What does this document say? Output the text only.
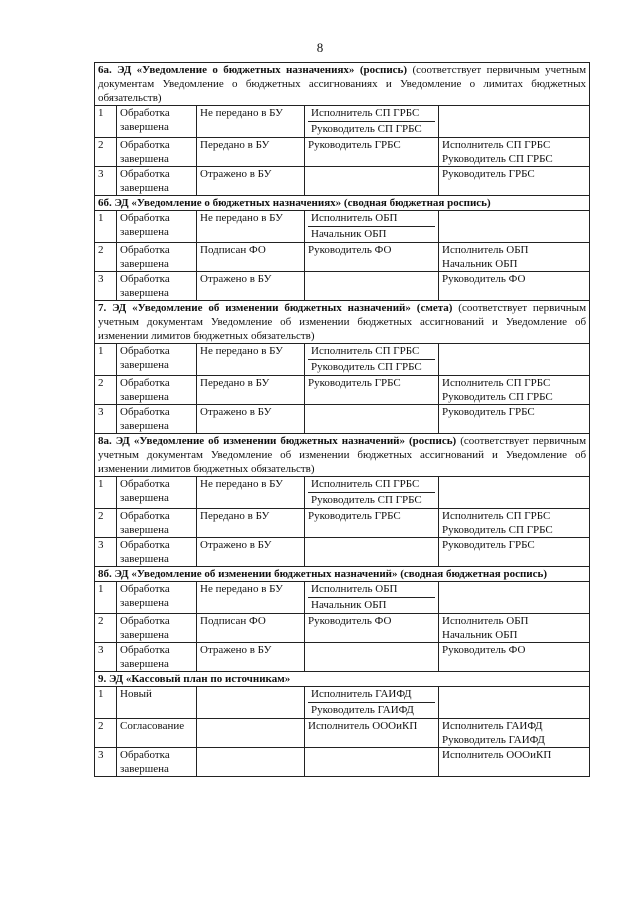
8
6а. ЭД «Уведомление о бюджетных назначениях» (роспись) (соответствует первичным учетным документам Уведомление о бюджетных ассигнованиях и Уведомление о лимитах бюджетных обязательств)				
1	Обработка завершена	Не передано в БУ	Исполнитель СП ГРБС
Руководитель СП ГРБС	

2	Обработка завершена	Передано в БУ	Руководитель ГРБС	Исполнитель СП ГРБС
Руководитель СП ГРБС

3	Обработка завершена	Отражено в БУ		Руководитель ГРБС

6б. ЭД «Уведомление о бюджетных назначениях» (сводная бюджетная роспись)				
1	Обработка завершена	Не передано в БУ	Исполнитель ОБП
Начальник ОБП	

2	Обработка завершена	Подписан ФО	Руководитель ФО	Исполнитель ОБП
Начальник ОБП

3	Обработка завершена	Отражено в БУ		Руководитель ФО

7. ЭД «Уведомление об изменении бюджетных назначений» (смета) (соответствует первичным учетным документам Уведомление об изменении бюджетных ассигнований и Уведомление об изменении лимитов бюджетных обязательств)				
1	Обработка завершена	Не передано в БУ	Исполнитель СП ГРБС
Руководитель СП ГРБС	

2	Обработка завершена	Передано в БУ	Руководитель ГРБС	Исполнитель СП ГРБС
Руководитель СП ГРБС

3	Обработка завершена	Отражено в БУ		Руководитель ГРБС

8а. ЭД «Уведомление об изменении бюджетных назначений» (роспись) (соответствует первичным учетным документам Уведомление об изменении бюджетных ассигнований и Уведомление об изменении лимитов бюджетных обязательств)				
1	Обработка завершена	Не передано в БУ	Исполнитель СП ГРБС
Руководитель СП ГРБС	

2	Обработка завершена	Передано в БУ	Руководитель ГРБС	Исполнитель СП ГРБС
Руководитель СП ГРБС

3	Обработка завершена	Отражено в БУ		Руководитель ГРБС

8б. ЭД «Уведомление об изменении бюджетных назначений» (сводная бюджетная роспись)				
1	Обработка завершена	Не передано в БУ	Исполнитель ОБП
Начальник ОБП	

2	Обработка завершена	Подписан ФО	Руководитель ФО	Исполнитель ОБП
Начальник ОБП

3	Обработка завершена	Отражено в БУ		Руководитель ФО

9. ЭД «Кассовый план по источникам»				
1	Новый		Исполнитель ГАИФД
Руководитель ГАИФД	

2	Согласование		Исполнитель ОООиКП	Исполнитель ГАИФД
Руководитель ГАИФД

3	Обработка завершена			Исполнитель ОООиКП
